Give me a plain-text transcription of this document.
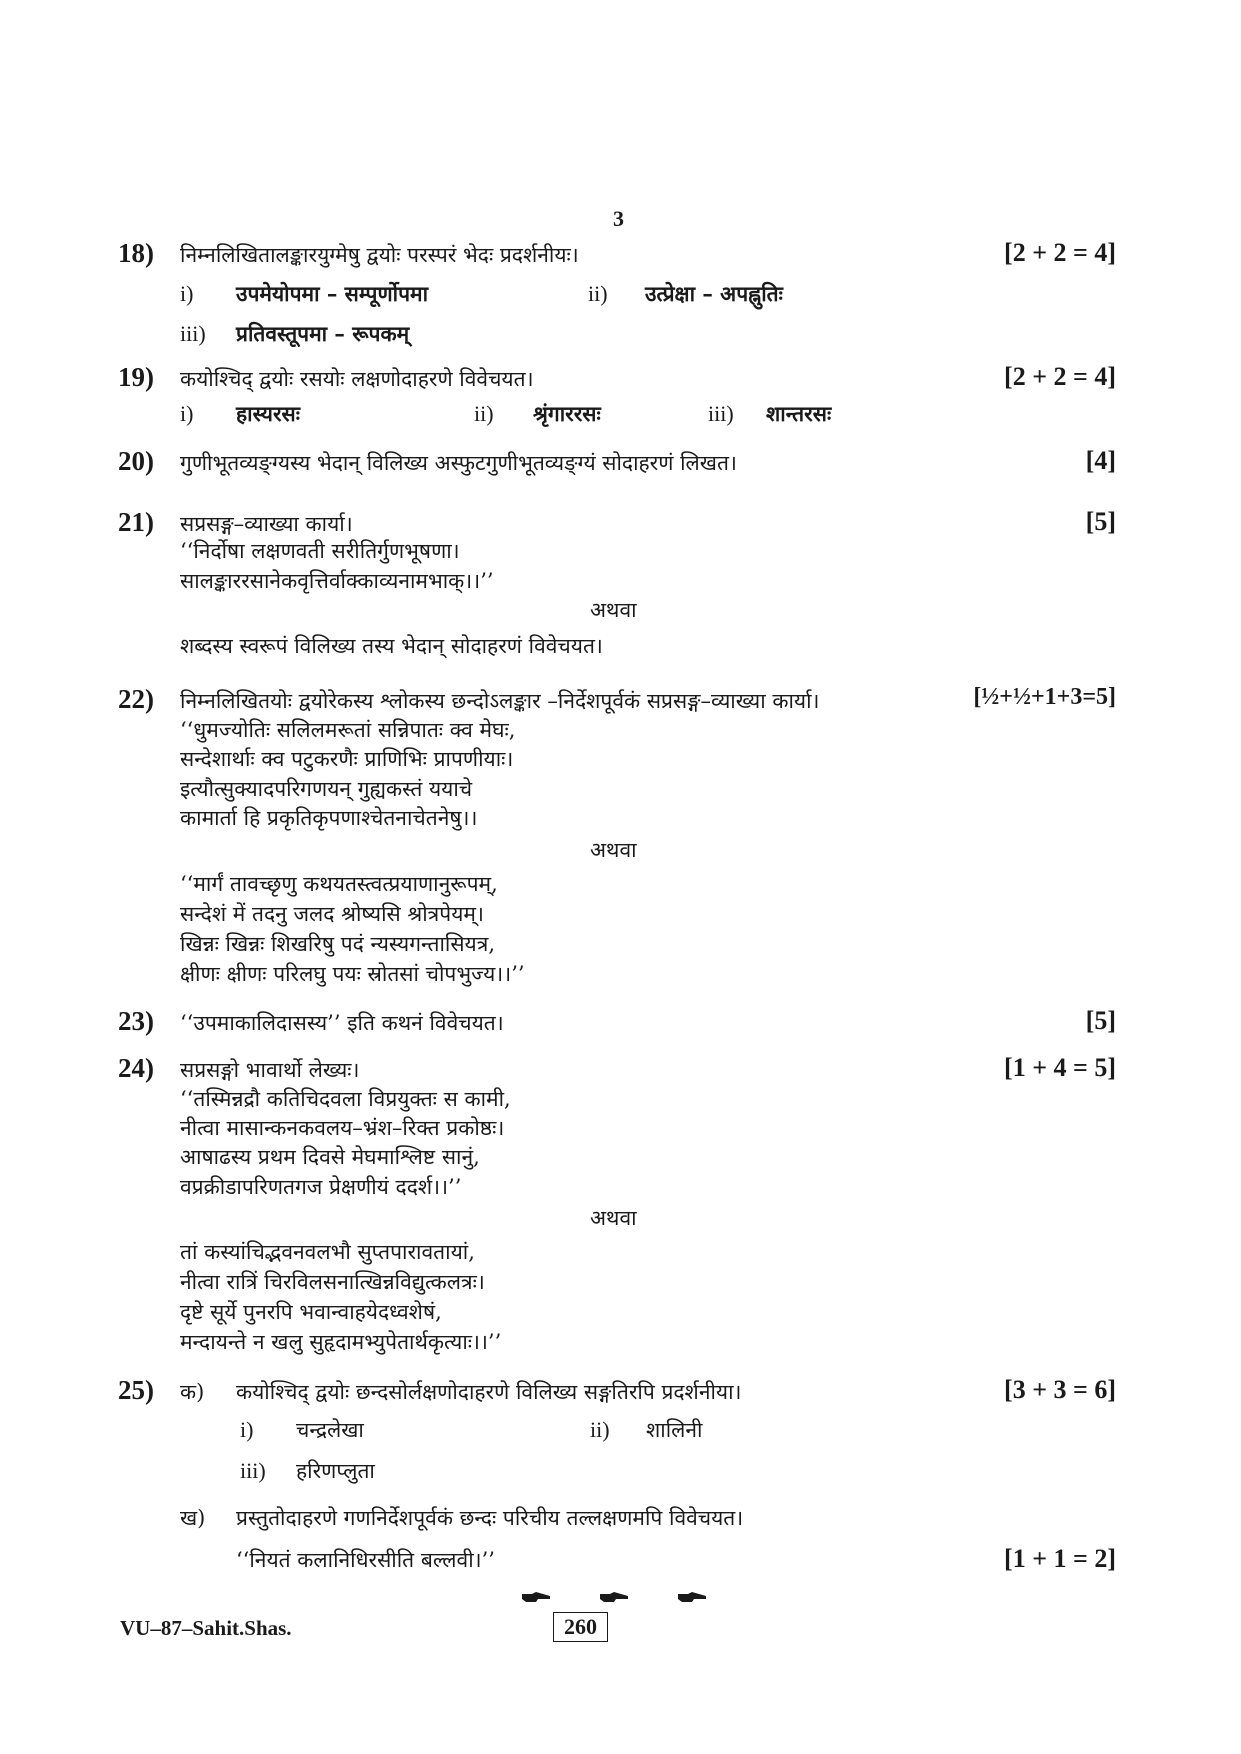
3
18) निम्नलिखितालङ्कारयुग्मेषु द्वयोः परस्परं भेदः प्रदर्शनीयः।	[2 + 2 = 4]
i) उपमेयोपमा – सम्पूर्णोपमा	ii) उत्प्रेक्षा – अपह्नुतिः
iii) प्रतिवस्तूपमा – रूपकम्
19) कयोश्चिद् द्वयोः रसयोः लक्षणोदाहरणे विवेचयत।	[2 + 2 = 4]
i) हास्यरसः	ii) श्रृंगाररसः	iii) शान्तरसः
20) गुणीभूतव्यङ्ग्यस्य भेदान् विलिख्य अस्फुटगुणीभूतव्यङ्ग्यं सोदाहरणं लिखत।	[4]
21) सप्रसङ्ग–व्याख्या कार्या।	[5]
‘‘निर्दोषा लक्षणवती सरीतिर्गुणभूषणा।
सालङ्काररसानेकवृत्तिर्वाक्काव्यनामभाक्।।’’
अथवा
शब्दस्य स्वरूपं विलिख्य तस्य भेदान् सोदाहरणं विवेचयत।
22) निम्नलिखितयोः द्वयोरेकस्य श्लोकस्य छन्दोऽलङ्कार –निर्देशपूर्वकं सप्रसङ्ग–व्याख्या कार्या।	[½+½+1+3=5]
‘‘धुमज्योतिः सलिलमरूतां सन्निपातः क्व मेघः,
सन्देशार्थाः क्व पटुकरणैः प्राणिभिः प्रापणीयाः।
इत्यौत्सुक्यादपरिगणयन् गुह्यकस्तं ययाचे
कामार्ता हि प्रकृतिकृपणाश्चेतनाचेतनेषु।।
अथवा
‘‘मार्गं तावच्छृणु कथयतस्त्वत्प्रयाणानुरूपम्,
सन्देशं में तदनु जलद श्रोष्यसि श्रोत्रपेयम्।
खिन्नः खिन्नः शिखरिषु पदं न्यस्यगन्तासियत्र,
क्षीणः क्षीणः परिलघु पयः स्रोतसां चोपभुज्य।।’’
23) ‘‘उपमाकालिदासस्य’’ इति कथनं विवेचयत।	[5]
24) सप्रसङ्गो भावार्थो लेख्यः।	[1 + 4 = 5]
‘‘तस्मिन्नद्रौ कतिचिदवला विप्रयुक्तः स कामी,
नीत्वा मासान्कनकवलय–भ्रंश–रिक्त प्रकोष्ठः।
आषाढस्य प्रथम दिवसे मेघमाश्लिष्ट सानुं,
वप्रक्रीडापरिणतगज प्रेक्षणीयं ददर्श।।’’
अथवा
तां कस्यांचिद्भवनवलभौ सुप्तपारावतायां,
नीत्वा रात्रिं चिरविलसनात्खिन्नविद्युत्कलत्रः।
दृष्टे सूर्ये पुनरपि भवान्वाहयेदध्वशेषं,
मन्दायन्ते न खलु सुहृदामभ्युपेतार्थकृत्याः।।’’
25) क) कयोश्चिद् द्वयोः छन्दसोर्लक्षणोदाहरणे विलिख्य सङ्गतिरपि प्रदर्शनीया।	[3 + 3 = 6]
i) चन्द्रलेखा	ii) शालिनी
iii) हरिणप्लुता
ख) प्रस्तुतोदाहरणे गणनिर्देशपूर्वकं छन्दः परिचीय तल्लक्षणमपि विवेचयत।
‘‘नियतं कलानिधिरसीति बल्लवी।’’	[1 + 1 = 2]
VU–87–Sahit.Shas.	260
